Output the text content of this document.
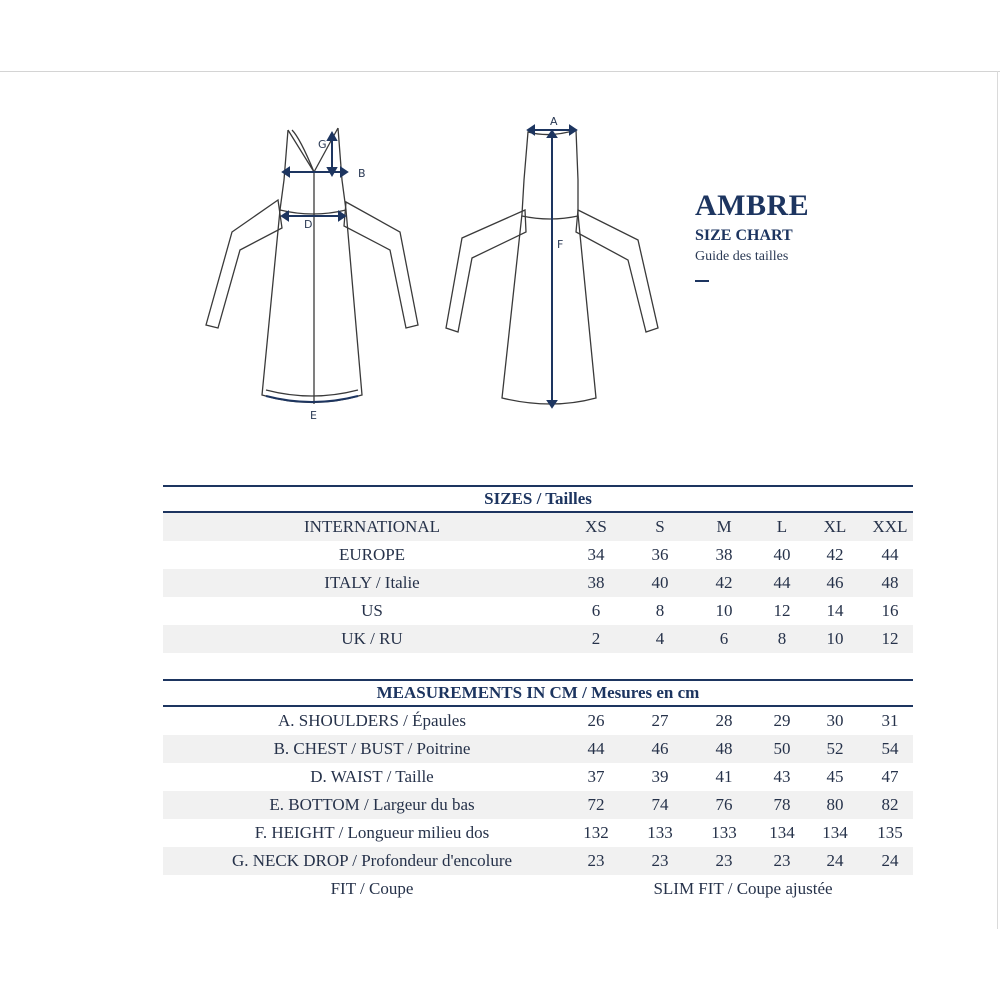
G
B
D
E
A
F
AMBRE
SIZE CHART
Guide des tailles
SIZES / Tailles
INTERNATIONAL	XS	S	M	L	XL	XXL
EUROPE	34	36	38	40	42	44
ITALY / Italie	38	40	42	44	46	48
US	6	8	10	12	14	16
UK / RU	2	4	6	8	10	12
MEASUREMENTS IN CM / Mesures en cm
A. SHOULDERS / Épaules	26	27	28	29	30	31
B. CHEST / BUST / Poitrine	44	46	48	50	52	54
D. WAIST / Taille	37	39	41	43	45	47
E. BOTTOM / Largeur du bas	72	74	76	78	80	82
F. HEIGHT / Longueur milieu dos	132	133	133	134	134	135
G. NECK DROP / Profondeur d'encolure	23	23	23	23	24	24
FIT / Coupe	SLIM FIT / Coupe ajustée
